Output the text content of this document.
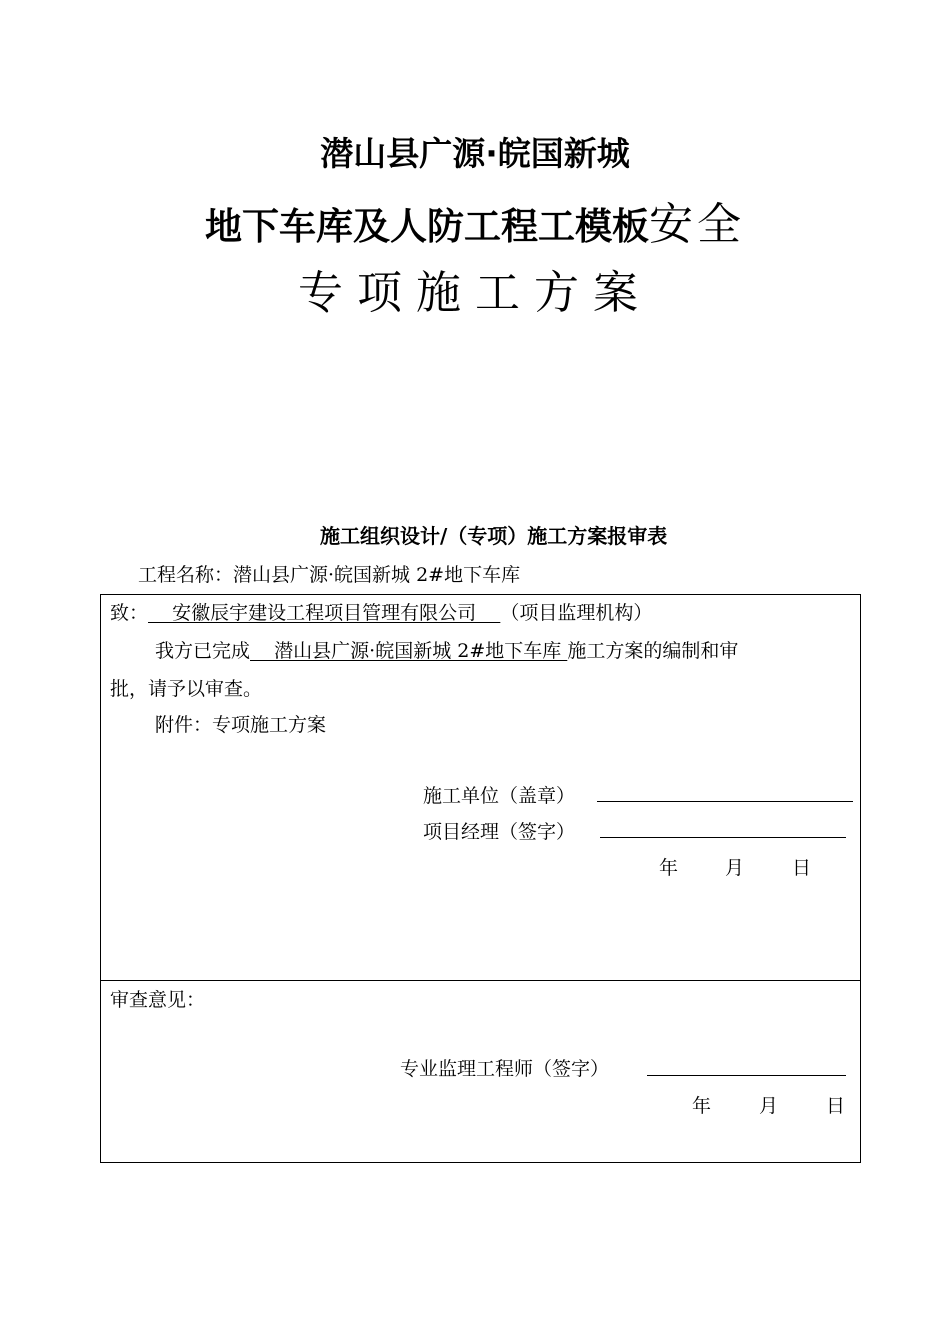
潜山县广源·皖国新城
地下车库及人防工程工模板安全
专项施工方案
施工组织设计/（专项）施工方案报审表
工程名称：潜山县广源·皖国新城 2#地下车库
致：    安徽辰宇建设工程项目管理有限公司    （项目监理机构）
我方已完成    潜山县广源·皖国新城 2#地下车库 施工方案的编制和审
批，请予以审查。
附件：专项施工方案
施工单位（盖章）
项目经理（签字）
年 月	日
审查意见：
专业监理工程师（签字）
年	月	日
